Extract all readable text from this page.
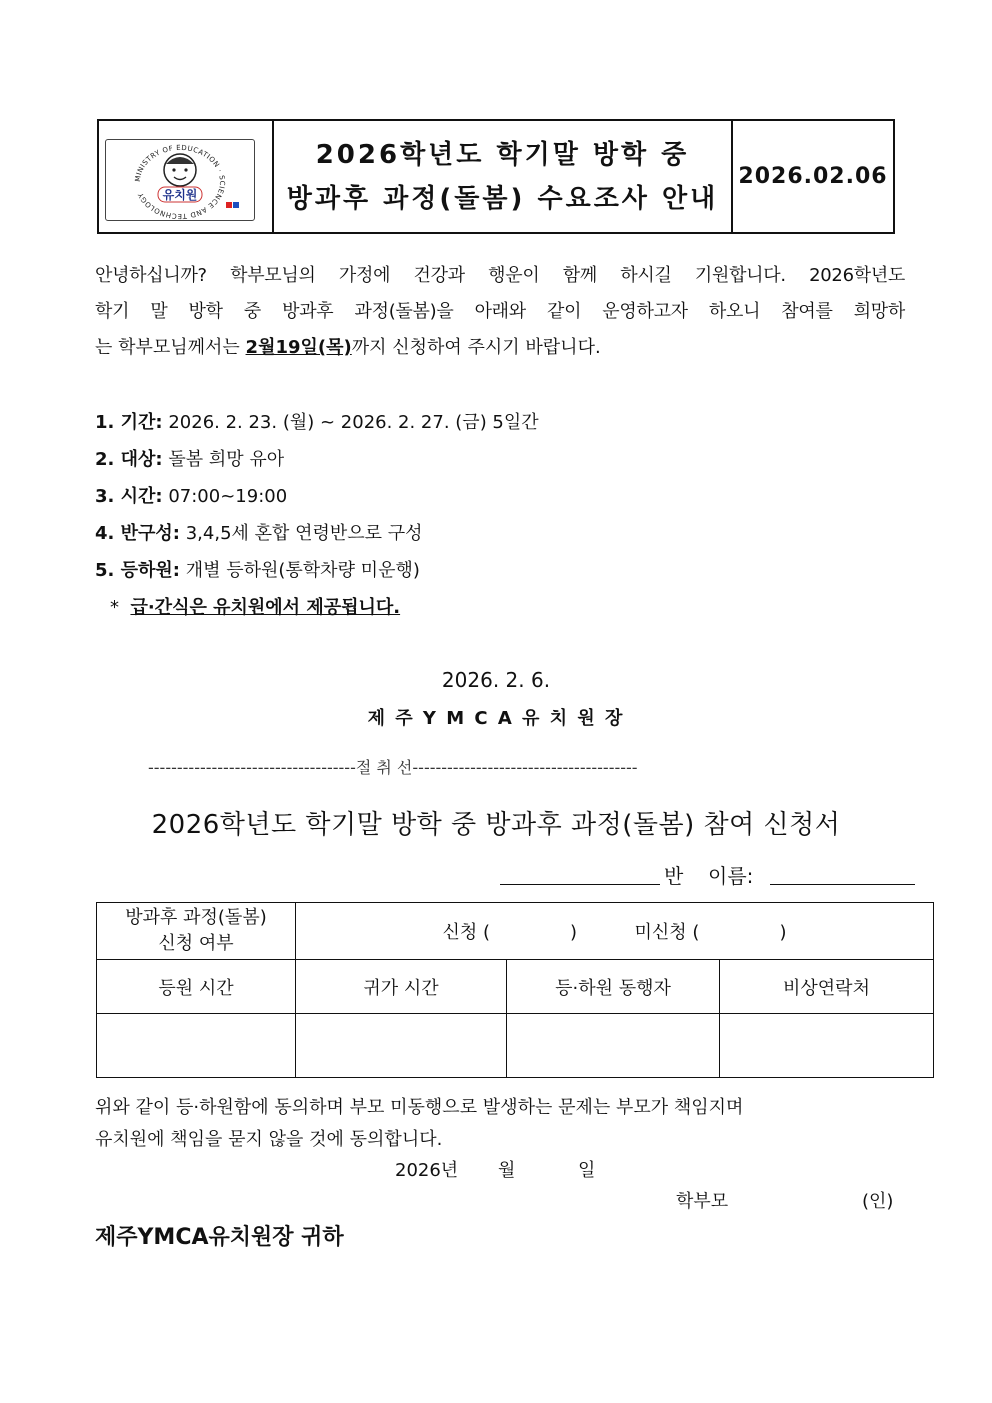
MINISTRY OF EDUCATION · SCIENCE AND TECHNOLOGY	유치원
2026학년도 학기말 방학 중
방과후 과정(돌봄) 수요조사 안내
2026.02.06
안녕하십니까? 학부모님의 가정에 건강과 행운이 함께 하시길 기원합니다. 2026학년도
학기 말 방학 중 방과후 과정(돌봄)을 아래와 같이 운영하고자 하오니 참여를 희망하
는 학부모님께서는 2월19일(목)까지 신청하여 주시기 바랍니다.
1. 기간: 2026. 2. 23. (월) ~ 2026. 2. 27. (금) 5일간
2. 대상: 돌봄 희망 유아
3. 시간: 07:00~19:00
4. 반구성: 3,4,5세 혼합 연령반으로 구성
5. 등하원: 개별 등하원(통학차량 미운행)
* 급·간식은 유치원에서 제공됩니다.
2026. 2. 6.
제 주 Y M C A 유 치 원 장
------------------------------------절 취 선---------------------------------------
2026학년도 학기말 방학 중 방과후 과정(돌봄) 참여 신청서
반 이름:
방과후 과정(돌봄)
신청 여부	신청 ( ) 미신청 ( )		
등원 시간	귀가 시간	등·하원 동행자	비상연락처

위와 같이 등·하원함에 동의하며 부모 미동행으로 발생하는 문제는 부모가 책임지며
유치원에 책임을 묻지 않을 것에 동의합니다.
2026년 월	일
학부모	(인)
제주YMCA유치원장 귀하
